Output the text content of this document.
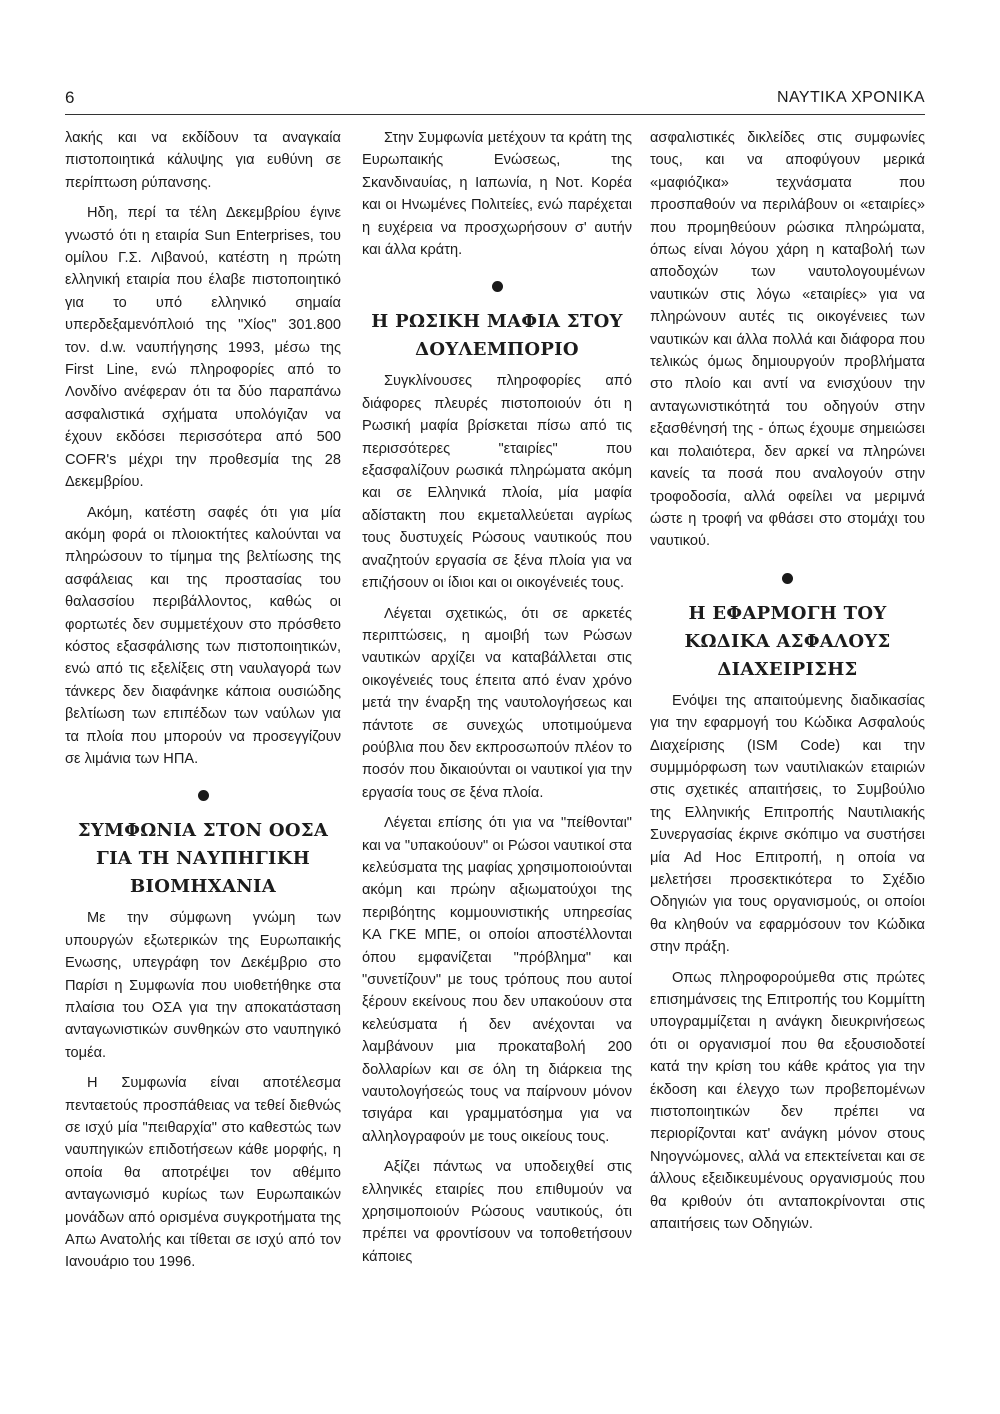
6	ΝΑΥΤΙΚΑ ΧΡΟΝΙΚΑ

λακής και να εκδίδουν τα αναγκαία πιστοποιητικά κάλυψης για ευθύνη σε περίπτωση ρύπανσης.

Ηδη, περί τα τέλη Δεκεμβρίου έγινε γνωστό ότι η εταιρία Sun Enterprises, του ομίλου Γ.Σ. Λιβανού, κατέστη η πρώτη ελληνική εταιρία που έλαβε πιστοποιητικό για το υπό ελληνικό σημαία υπερδεξαμενόπλοιό της "Χίος" 301.800 τον. d.w. ναυπήγησης 1993, μέσω της First Line, ενώ πληροφορίες από το Λονδίνο ανέφεραν ότι τα δύο παραπάνω ασφαλιστικά σχήματα υπολόγιζαν να έχουν εκδόσει περισσότερα από 500 COFR's μέχρι την προθεσμία της 28 Δεκεμβρίου.

Ακόμη, κατέστη σαφές ότι για μία ακόμη φορά οι πλοιοκτήτες καλούνται να πληρώσουν το τίμημα της βελτίωσης της ασφάλειας και της προστασίας του θαλασσίου περιβάλλοντος, καθώς οι φορτωτές δεν συμμετέχουν στο πρόσθετο κόστος εξασφάλισης των πιστοποιητικών, ενώ από τις εξελίξεις στη ναυλαγορά των τάνκερς δεν διαφάνηκε κάποια ουσιώδης βελτίωση των επιπέδων των ναύλων για τα πλοία που μπορούν να προσεγγίζουν σε λιμάνια των ΗΠΑ.

ΣΥΜΦΩΝΙΑ ΣΤΟΝ ΟΟΣΑ
ΓΙΑ ΤΗ ΝΑΥΠΗΓΙΚΗ
ΒΙΟΜΗΧΑΝΙΑ

Με την σύμφωνη γνώμη των υπουργών εξωτερικών της Ευρωπαικής Ενωσης, υπεγράφη τον Δεκέμβριο στο Παρίσι η Συμφωνία που υιοθετήθηκε στα πλαίσια του ΟΣΑ για την αποκατάσταση ανταγωνιστικών συνθηκών στο ναυπηγικό τομέα.

Η Συμφωνία είναι αποτέλεσμα πενταετούς προσπάθειας να τεθεί διεθνώς σε ισχύ μία "πειθαρχία" στο καθεστώς των ναυπηγικών επιδοτήσεων κάθε μορφής, η οποία θα αποτρέψει τον αθέμιτο ανταγωνισμό κυρίως των Ευρωπαικών μονάδων από ορισμένα συγκροτήματα της Απω Ανατολής και τίθεται σε ισχύ από τον Ιανουάριο του 1996.

Στην Συμφωνία μετέχουν τα κράτη της Ευρωπαικής Ενώσεως, της Σκανδιναυίας, η Ιαπωνία, η Νοτ. Κορέα και οι Ηνωμένες Πολιτείες, ενώ παρέχεται η ευχέρεια να προσχωρήσουν σ' αυτήν και άλλα κράτη.

Η ΡΩΣΙΚΗ ΜΑΦΙΑ ΣΤΟΥ
ΔΟΥΛΕΜΠΟΡΙΟ

Συγκλίνουσες πληροφορίες από διάφορες πλευρές πιστοποιούν ότι η Ρωσική μαφία βρίσκεται πίσω από τις περισσότερες "εταιρίες" που εξασφαλίζουν ρωσικά πληρώματα ακόμη και σε Ελληνικά πλοία, μία μαφία αδίστακτη που εκμεταλλεύεται αγρίως τους δυστυχείς Ρώσους ναυτικούς που αναζητούν εργασία σε ξένα πλοία για να επιζήσουν οι ίδιοι και οι οικογένειές τους.

Λέγεται σχετικώς, ότι σε αρκετές περιπτώσεις, η αμοιβή των Ρώσων ναυτικών αρχίζει να καταβάλλεται στις οικογένειές τους έπειτα από έναν χρόνο μετά την έναρξη της ναυτολογήσεως και πάντοτε σε συνεχώς υποτιμούμενα ρούβλια που δεν εκπροσωπούν πλέον το ποσόν που δικαιούνται οι ναυτικοί για την εργασία τους σε ξένα πλοία.

Λέγεται επίσης ότι για να "πείθονται" και να "υπακούουν" οι Ρώσοι ναυτικοί στα κελεύσματα της μαφίας χρησιμοποιούνται ακόμη και πρώην αξιωματούχοι της περιβόητης κομμουνιστικής υπηρεσίας ΚΑ ΓΚΕ ΜΠΕ, οι οποίοι αποστέλλονται όπου εμφανίζεται "πρόβλημα" και "συνετίζουν" με τους τρόπους που αυτοί ξέρουν εκείνους που δεν υπακούουν στα κελεύσματα ή δεν ανέχονται να λαμβάνουν μια προκαταβολή 200 δολλαρίων και σε όλη τη διάρκεια της ναυτολογήσεώς τους να παίρνουν μόνον τσιγάρα και γραμματόσημα για να αλληλογραφούν με τους οικείους τους.

Αξίζει πάντως να υποδειχθεί στις ελληνικές εταιρίες που επιθυμούν να χρησιμοποιούν Ρώσους ναυτικούς, ότι πρέπει να φροντίσουν να τοποθετήσουν κάποιες

ασφαλιστικές δικλείδες στις συμφωνίες τους, και να αποφύγουν μερικά «μαφιόζικα» τεχνάσματα που προσπαθούν να περιλάβουν οι «εταιρίες» που προμηθεύουν ρώσικα πληρώματα, όπως είναι λόγου χάρη η καταβολή των αποδοχών των ναυτολογουμένων ναυτικών στις λόγω «εταιρίες» για να πληρώνουν αυτές τις οικογένειες των ναυτικών και άλλα πολλά και διάφορα που τελικώς όμως δημιουργούν προβλήματα στο πλοίο και αντί να ενισχύουν την ανταγωνιστικότητά του οδηγούν στην εξασθένησή της - όπως έχουμε σημειώσει και πολαιότερα, δεν αρκεί να πληρώνει κανείς τα ποσά που αναλογούν στην τροφοδοσία, αλλά οφείλει να μεριμνά ώστε η τροφή να φθάσει στο στομάχι του ναυτικού.

Η ΕΦΑΡΜΟΓΗ ΤΟΥ
ΚΩΔΙΚΑ ΑΣΦΑΛΟΥΣ
ΔΙΑΧΕΙΡΙΣΗΣ

Ενόψει της απαιτούμενης διαδικασίας για την εφαρμογή του Κώδικα Ασφαλούς Διαχείρισης (ISM Code) και την συμμμόρφωση των ναυτιλιακών εταιριών στις σχετικές απαιτήσεις, το Συμβούλιο της Ελληνικής Επιτροπής Ναυτιλιακής Συνεργασίας έκρινε σκόπιμο να συστήσει μία Ad Hoc Επιτροπή, η οποία να μελετήσει προσεκτικότερα το Σχέδιο Οδηγιών για τους οργανισμούς, οι οποίοι θα κληθούν να εφαρμόσουν τον Κώδικα στην πράξη.

Οπως πληροφορούμεθα στις πρώτες επισημάνσεις της Επιτροπής του Κομμίττη υπογραμμίζεται η ανάγκη διευκρινήσεως ότι οι οργανισμοί που θα εξουσιοδοτεί κατά την κρίση του κάθε κράτος για την έκδοση και έλεγχο των προβεπομένων πιστοποιητικών δεν πρέπει να περιορίζονται κατ' ανάγκη μόνον στους Νηογνώμονες, αλλά να επεκτείνεται και σε άλλους εξειδικευμένους οργανισμούς που θα κριθούν ότι ανταποκρίνονται στις απαιτήσεις των Οδηγιών.
